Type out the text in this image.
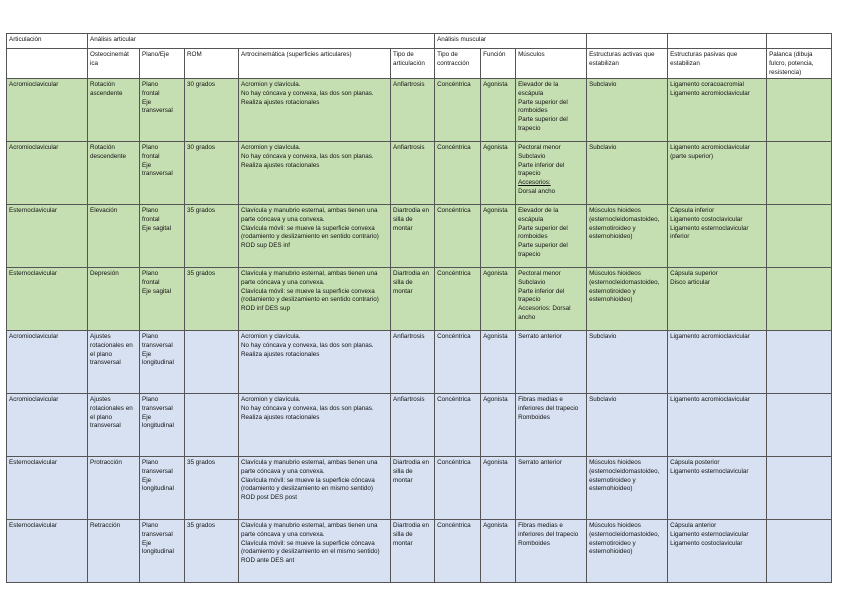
Articulación	Análisis articular					Análisis muscular					
	Osteocinemát ica	Plano/Eje	ROM	Artrocinemática (superficies articulares)	Tipo de articulación	Tipo de contracción	Función	Músculos	Estructuras activas que estabilizan	Estructuras pasivas que estabilizan	Palanca (dibuja fulcro, potencia, resistencia)
Acromioclavicular	Rotación
ascendente	Plano
frontal
Eje
transversal	30 grados	Acromion y clavícula.
No hay cóncava y convexa, las dos son planas.
Realiza ajustes rotacionales	Anfiartrosis	Concéntrica	Agonista	Elevador de la escápula
Parte superior del romboides
Parte superior del trapecio	Subclavio	Ligamento coracoacromial
Ligamento acromioclavicular	

Acromioclavicular	Rotación
descendente	Plano
frontal
Eje
transversal	30 grados	Acromion y clavícula.
No hay cóncava y convexa, las dos son planas.
Realiza ajustes rotacionales	Anfiartrosis	Concéntrica	Agonista	Pectoral menor
Subclavio
Parte inferior del trapecio
Accesorios:
Dorsal ancho	Subclavio	Ligamento acromioclavicular (parte superior)	

Esternoclavicular	Elevación	Plano
frontal
Eje sagital	35 grados	Clavícula y manubrio esternal, ambas tienen una parte cóncava y una convexa.
Clavícula móvil: se mueve la superficie convexa (rodamiento y deslizamiento en sentido contrario) ROD sup DES inf	Diartrodia en silla de montar	Concéntrica	Agonista	Elevador de la escápula
Parte superior del romboides
Parte superior del trapecio	Músculos hioideos (esternocleidomastoideo, esternotiroideo y esternohioideo)	Cápsula inferior
Ligamento costoclavicular
Ligamento esternoclavicular inferior	

Esternoclavicular	Depresión	Plano
frontal
Eje sagital	35 grados	Clavícula y manubrio esternal, ambas tienen una parte cóncava y una convexa.
Clavícula móvil: se mueve la superficie convexa (rodamiento y deslizamiento en sentido contrario) ROD inf DES sup	Diartrodia en silla de montar	Concéntrica	Agonista	Pectoral menor
Subclavio
Parte inferior del trapecio
Accesorios: Dorsal ancho	Músculos hioideos (esternocleidomastoideo, esternotiroideo y esternohioideo)	Cápsula superior
Disco articular	

Acromioclavicular	Ajustes rotacionales en el plano transversal	Plano
transversal
Eje
longitudinal		Acromion y clavícula.
No hay cóncava y convexa, las dos son planas.
Realiza ajustes rotacionales	Anfiartrosis	Concéntrica	Agonista	Serrato anterior	Subclavio	Ligamento acromioclavicular	

Acromioclavicular	Ajustes rotacionales en el plano transversal	Plano
transversal
Eje
longitudinal		Acromion y clavícula.
No hay cóncava y convexa, las dos son planas.
Realiza ajustes rotacionales	Anfiartrosis	Concéntrica	Agonista	Fibras medias e inferiores del trapecio
Romboides	Subclavio	Ligamento acromioclavicular	

Esternoclavicular	Protracción	Plano
transversal
Eje
longitudinal	35 grados	Clavícula y manubrio esternal, ambas tienen una parte cóncava y una convexa.
Clavícula móvil: se mueve la superficie cóncava (rodamiento y deslizamiento en mismo sentido) ROD post DES post	Diartrodia en silla de montar	Concéntrica	Agonista	Serrato anterior	Músculos hioideos (esternocleidomastoideo, esternotiroideo y esternohioideo)	Cápsula posterior
Ligamento esternoclavicular	

Esternoclavicular	Retracción	Plano
transversal
Eje
longitudinal	35 grados	Clavícula y manubrio esternal, ambas tienen una parte cóncava y una convexa.
Clavícula móvil: se mueve la superficie cóncava (rodamiento y deslizamiento en el mismo sentido) ROD ante DES ant	Diartrodia en silla de montar	Concéntrica	Agonista	Fibras medias e inferiores del trapecio
Romboides	Músculos hioideos (esternocleidomastoideo, esternotiroideo y esternohioideo)	Cápsula anterior
Ligamento esternoclavicular
Ligamento costoclavicular	
